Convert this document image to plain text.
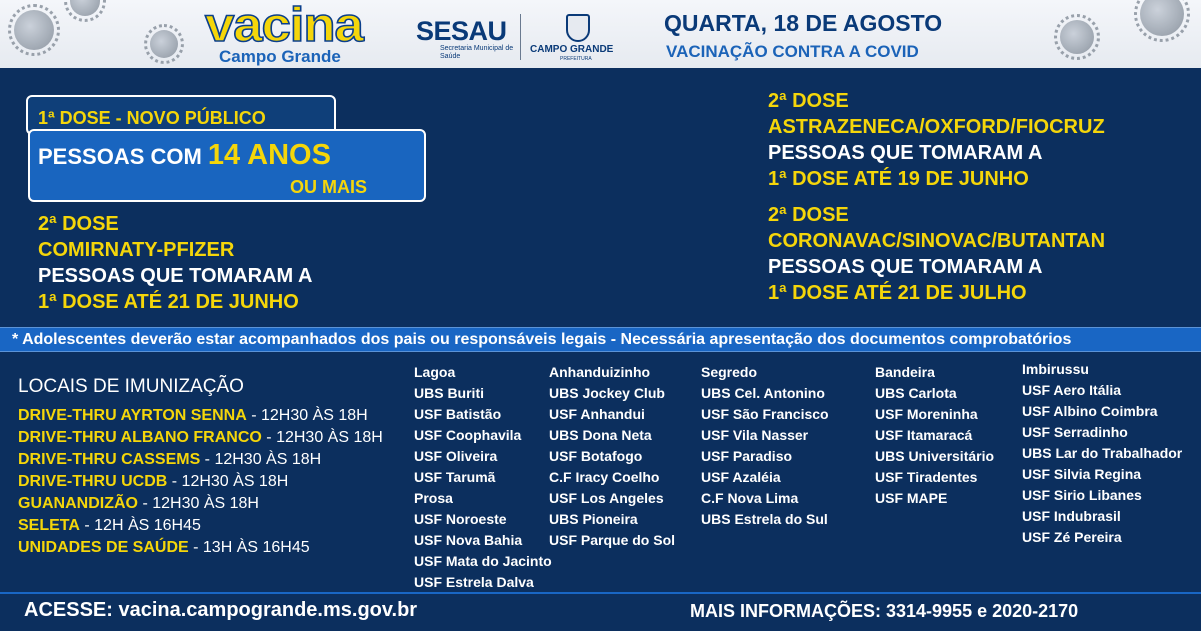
vacina
Campo Grande
SESAU
Secretaria Municipal de Saúde
CAMPO GRANDE
PREFEITURA
QUARTA, 18 DE AGOSTO
VACINAÇÃO CONTRA A COVID
1ª DOSE - NOVO PÚBLICO
PESSOAS COM 14 ANOS
OU MAIS
2ª DOSE
COMIRNATY-PFIZER
PESSOAS QUE TOMARAM A
1ª DOSE ATÉ 21 DE JUNHO
2ª DOSE
ASTRAZENECA/OXFORD/FIOCRUZ
PESSOAS QUE TOMARAM A
1ª DOSE ATÉ 19 DE JUNHO
2ª DOSE
CORONAVAC/SINOVAC/BUTANTAN
PESSOAS QUE TOMARAM A
1ª DOSE ATÉ 21 DE JULHO
* Adolescentes deverão estar acompanhados dos pais ou responsáveis legais - Necessária apresentação dos documentos comprobatórios
LOCAIS DE IMUNIZAÇÃO
DRIVE-THRU AYRTON SENNA - 12H30 ÀS 18H
DRIVE-THRU ALBANO FRANCO - 12H30 ÀS 18H
DRIVE-THRU CASSEMS - 12H30 ÀS 18H
DRIVE-THRU UCDB - 12H30 ÀS 18H
GUANANDIZÃO - 12H30 ÀS 18H
SELETA - 12H ÀS 16H45
UNIDADES DE SAÚDE - 13H ÀS 16H45
Lagoa
UBS Buriti
USF Batistão
USF Coophavila
USF Oliveira
USF Tarumã
Prosa
USF Noroeste
USF Nova Bahia
USF Mata do Jacinto
USF Estrela Dalva
Anhanduizinho
UBS Jockey Club
USF Anhandui
UBS Dona Neta
USF Botafogo
C.F Iracy Coelho
USF Los Angeles
UBS Pioneira
USF Parque do Sol
Segredo
UBS Cel. Antonino
USF São Francisco
USF Vila Nasser
USF Paradiso
USF Azaléia
C.F Nova Lima
UBS Estrela do Sul
Bandeira
UBS Carlota
USF Moreninha
USF Itamaracá
UBS Universitário
USF Tiradentes
USF MAPE
Imbirussu
USF Aero Itália
USF Albino Coimbra
USF Serradinho
UBS Lar do Trabalhador
USF Silvia Regina
USF Sirio Libanes
USF Indubrasil
USF Zé Pereira
ACESSE: vacina.campogrande.ms.gov.br	MAIS INFORMAÇÕES: 3314-9955 e 2020-2170
